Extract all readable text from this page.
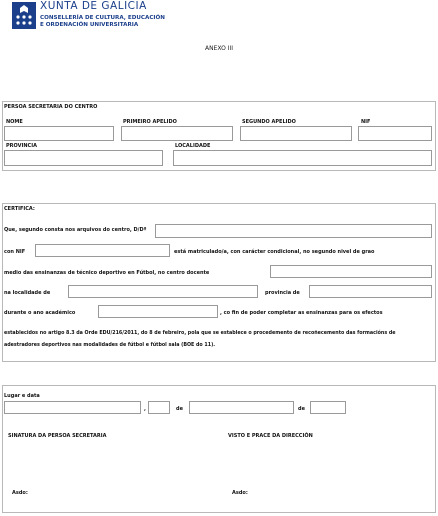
XUNTA DE GALICIA
CONSELLERÍA DE CULTURA, EDUCACIÓN
E ORDENACIÓN UNIVERSITARIA
ANEXO III
PERSOA SECRETARIA DO CENTRO
NOME	PRIMEIRO APELIDO	SEGUNDO APELIDO	NIF
PROVINCIA	LOCALIDADE
CERTIFICA:
Que, segundo consta nos arquivos do centro, D/Dª
con NIF	está matriculado/a, con carácter condicional, no segundo nivel de grao
medio das ensinanzas de técnico deportivo en Fútbol, no centro docente
na localidade de	provincia de
durante o ano académico	, co fin de poder completar as ensinanzas para os efectos
establecidos no artigo 8.3 da Orde EDU/216/2011, do 8 de febreiro, pola que se establece o procedemento de recoñecemento das formacións de
adestradores deportivos nas modalidades de fútbol e fútbol sala (BOE do 11).
Lugar e data
,	de	de
SINATURA DA PERSOA SECRETARIA	VISTO E PRACE DA DIRECCIÓN
Asdo:	Asdo:
